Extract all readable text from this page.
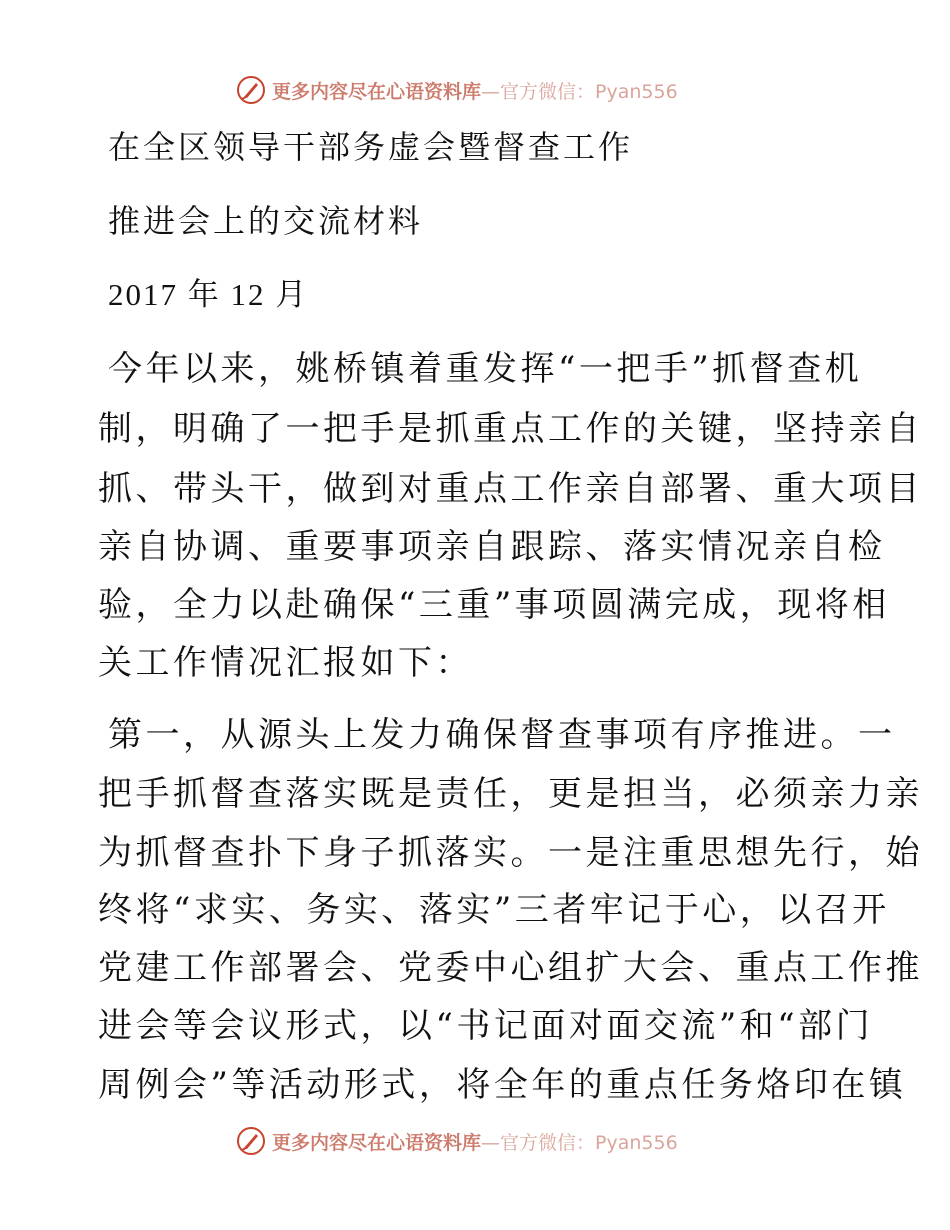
更多内容尽在心语资料库 —官方微信：Pyan556
在全区领导干部务虚会暨督查工作
推进会上的交流材料
2017 年 12 月
今年以来，姚桥镇着重发挥“一把手”抓督查机
制，明确了一把手是抓重点工作的关键，坚持亲自
抓、带头干，做到对重点工作亲自部署、重大项目
亲自协调、重要事项亲自跟踪、落实情况亲自检
验，全力以赴确保“三重”事项圆满完成，现将相
关工作情况汇报如下：
第一，从源头上发力确保督查事项有序推进。一
把手抓督查落实既是责任，更是担当，必须亲力亲
为抓督查扑下身子抓落实。一是注重思想先行，始
终将“求实、务实、落实”三者牢记于心，以召开
党建工作部署会、党委中心组扩大会、重点工作推
进会等会议形式，以“书记面对面交流”和“部门
周例会”等活动形式，将全年的重点任务烙印在镇
更多内容尽在心语资料库 —官方微信：Pyan556
